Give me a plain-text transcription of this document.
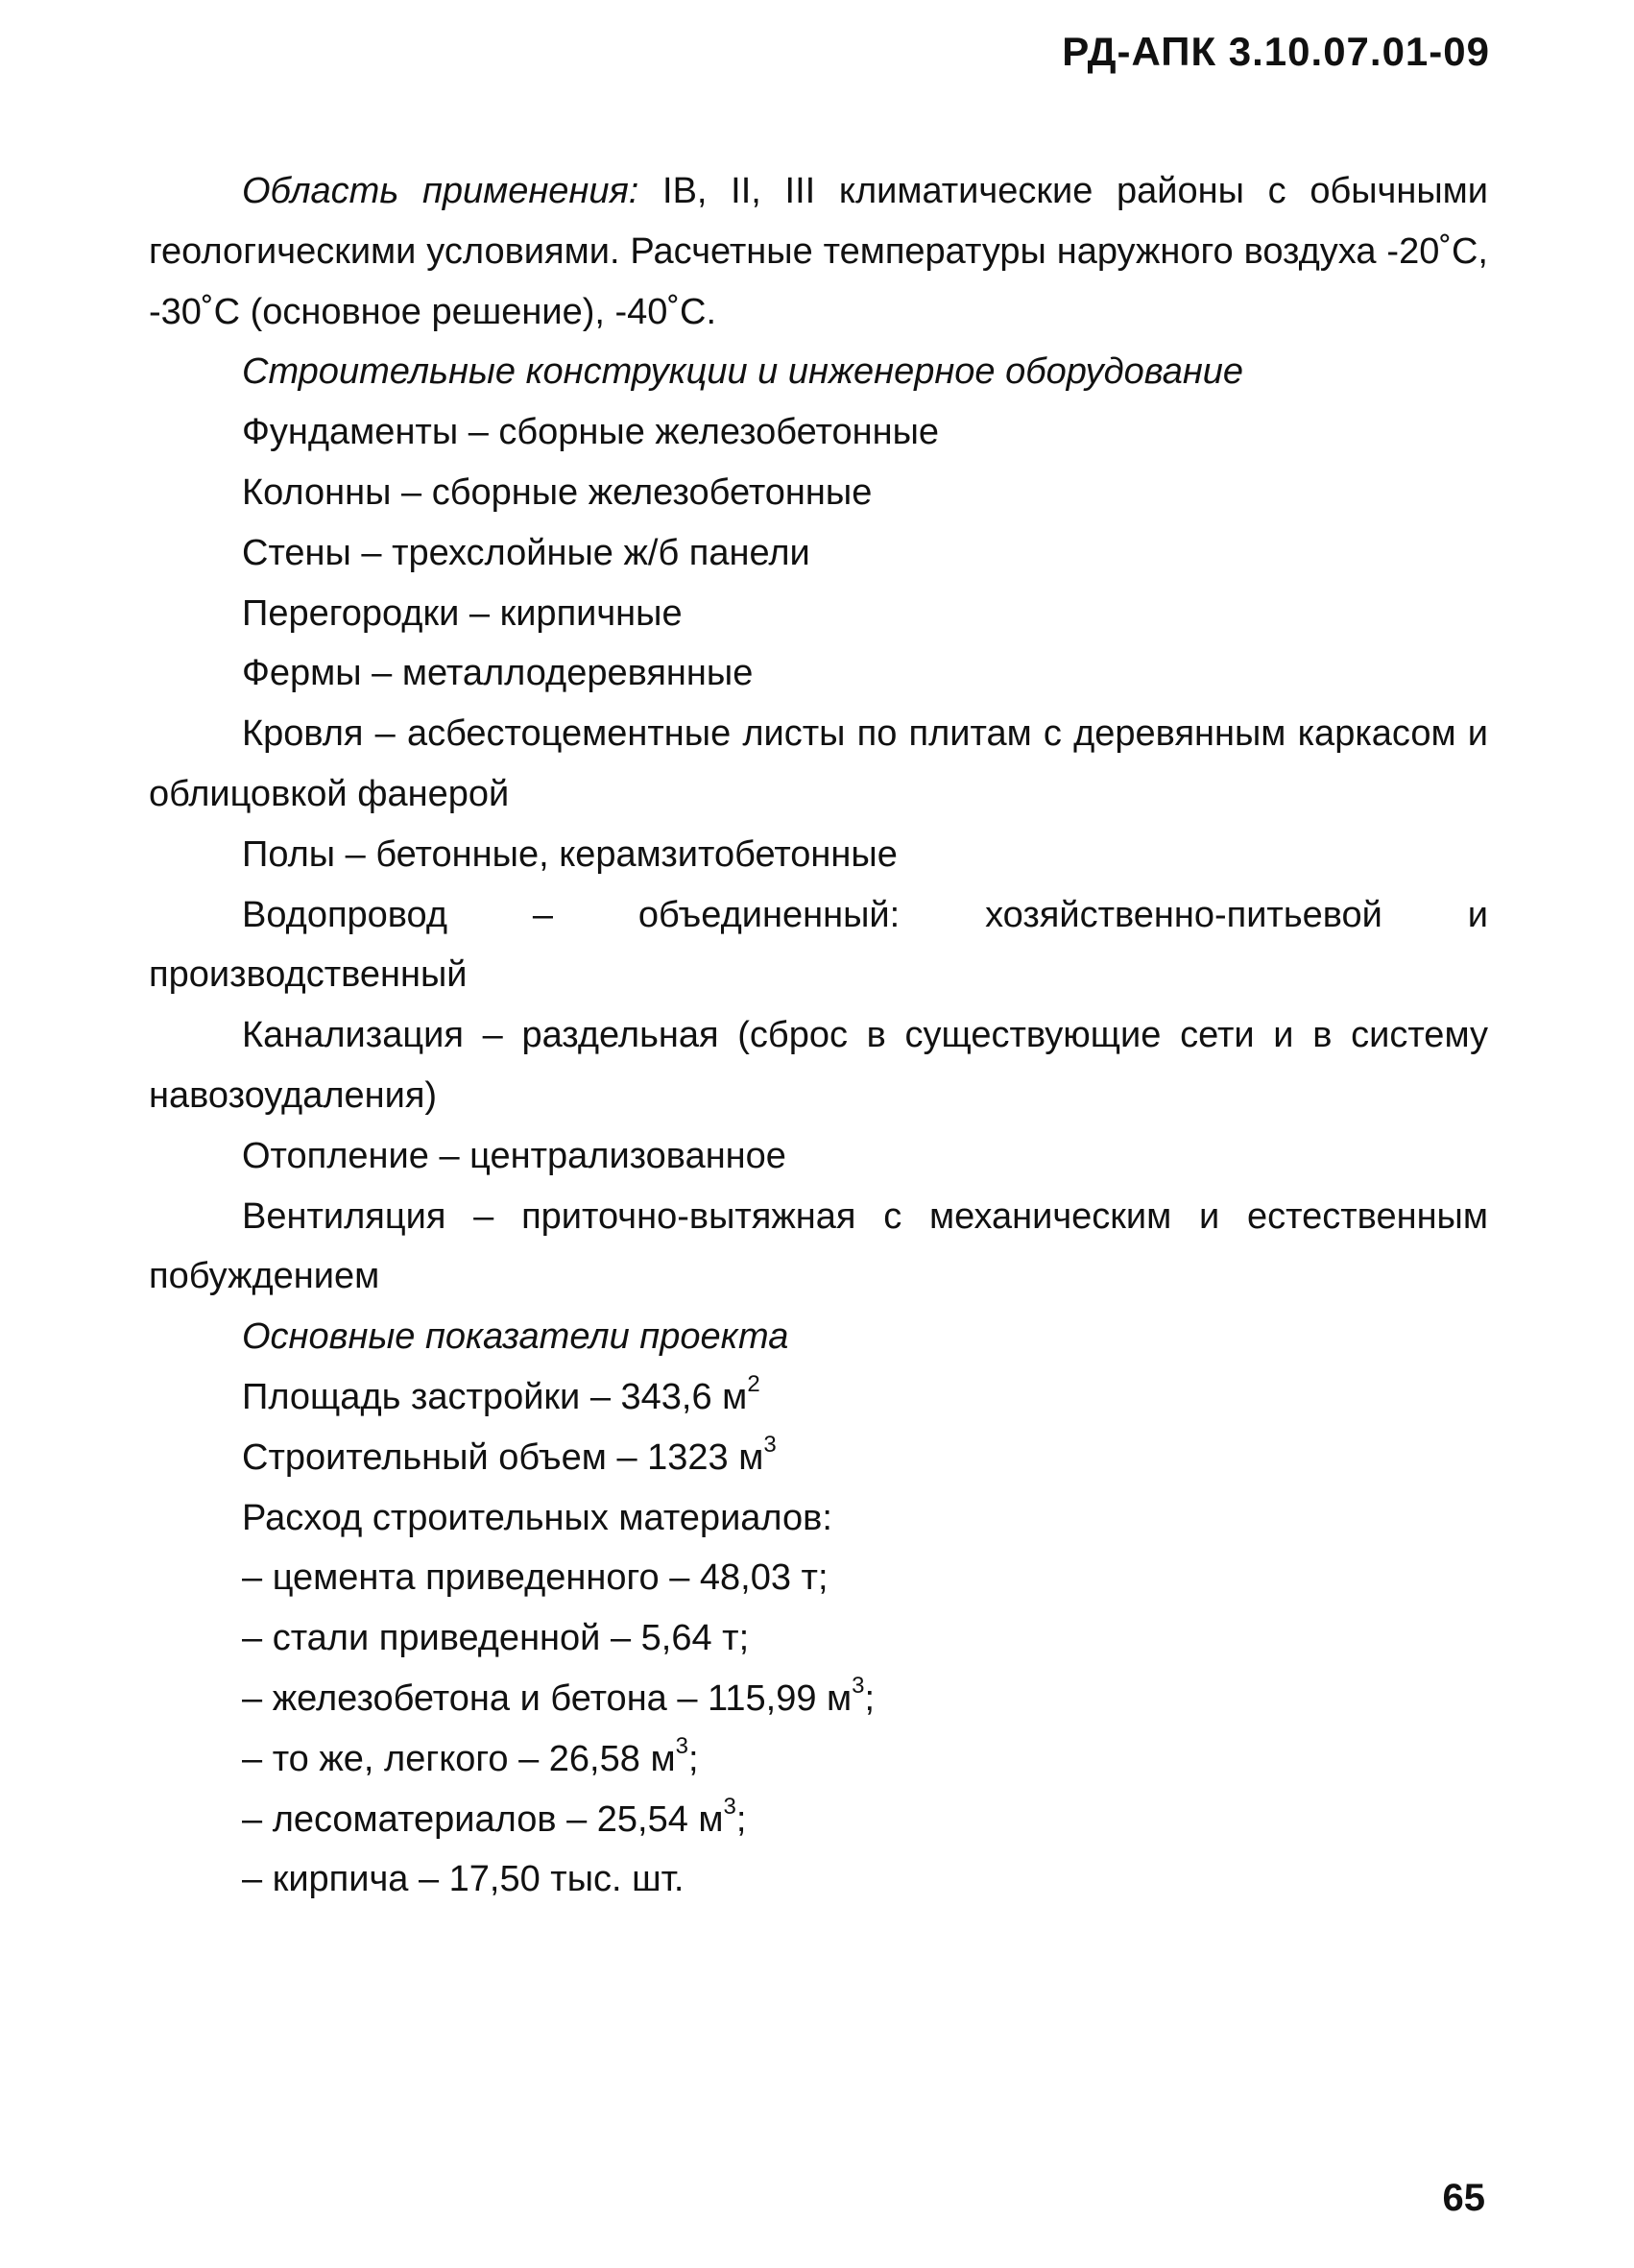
РД-АПК 3.10.07.01-09

Область применения: IВ, II, III климатические районы с обычными геологическими условиями. Расчетные температуры наружного воздуха -20˚С, -30˚С (основное решение), -40˚С.

Строительные конструкции и инженерное оборудование

Фундаменты – сборные железобетонные

Колонны – сборные железобетонные

Стены – трехслойные ж/б панели

Перегородки – кирпичные

Фермы – металлодеревянные

Кровля – асбестоцементные листы по плитам с деревянным каркасом и облицовкой фанерой

Полы – бетонные, керамзитобетонные

Водопровод – объединенный: хозяйственно-питьевой и производственный

Канализация – раздельная (сброс в существующие сети и в систему навозоудаления)

Отопление – централизованное

Вентиляция – приточно-вытяжная с механическим и естественным побуждением

Основные показатели проекта

Площадь застройки – 343,6 $м^2$

Строительный объем – 1323 $м^3$

Расход строительных материалов:

– цемента приведенного – 48,03 т;

– стали приведенной – 5,64 т;

– железобетона и бетона – 115,99 $м^3$;

– то же, легкого – 26,58 $м^3$;

– лесоматериалов – 25,54 $м^3$;

– кирпича – 17,50 тыс. шт.

65
